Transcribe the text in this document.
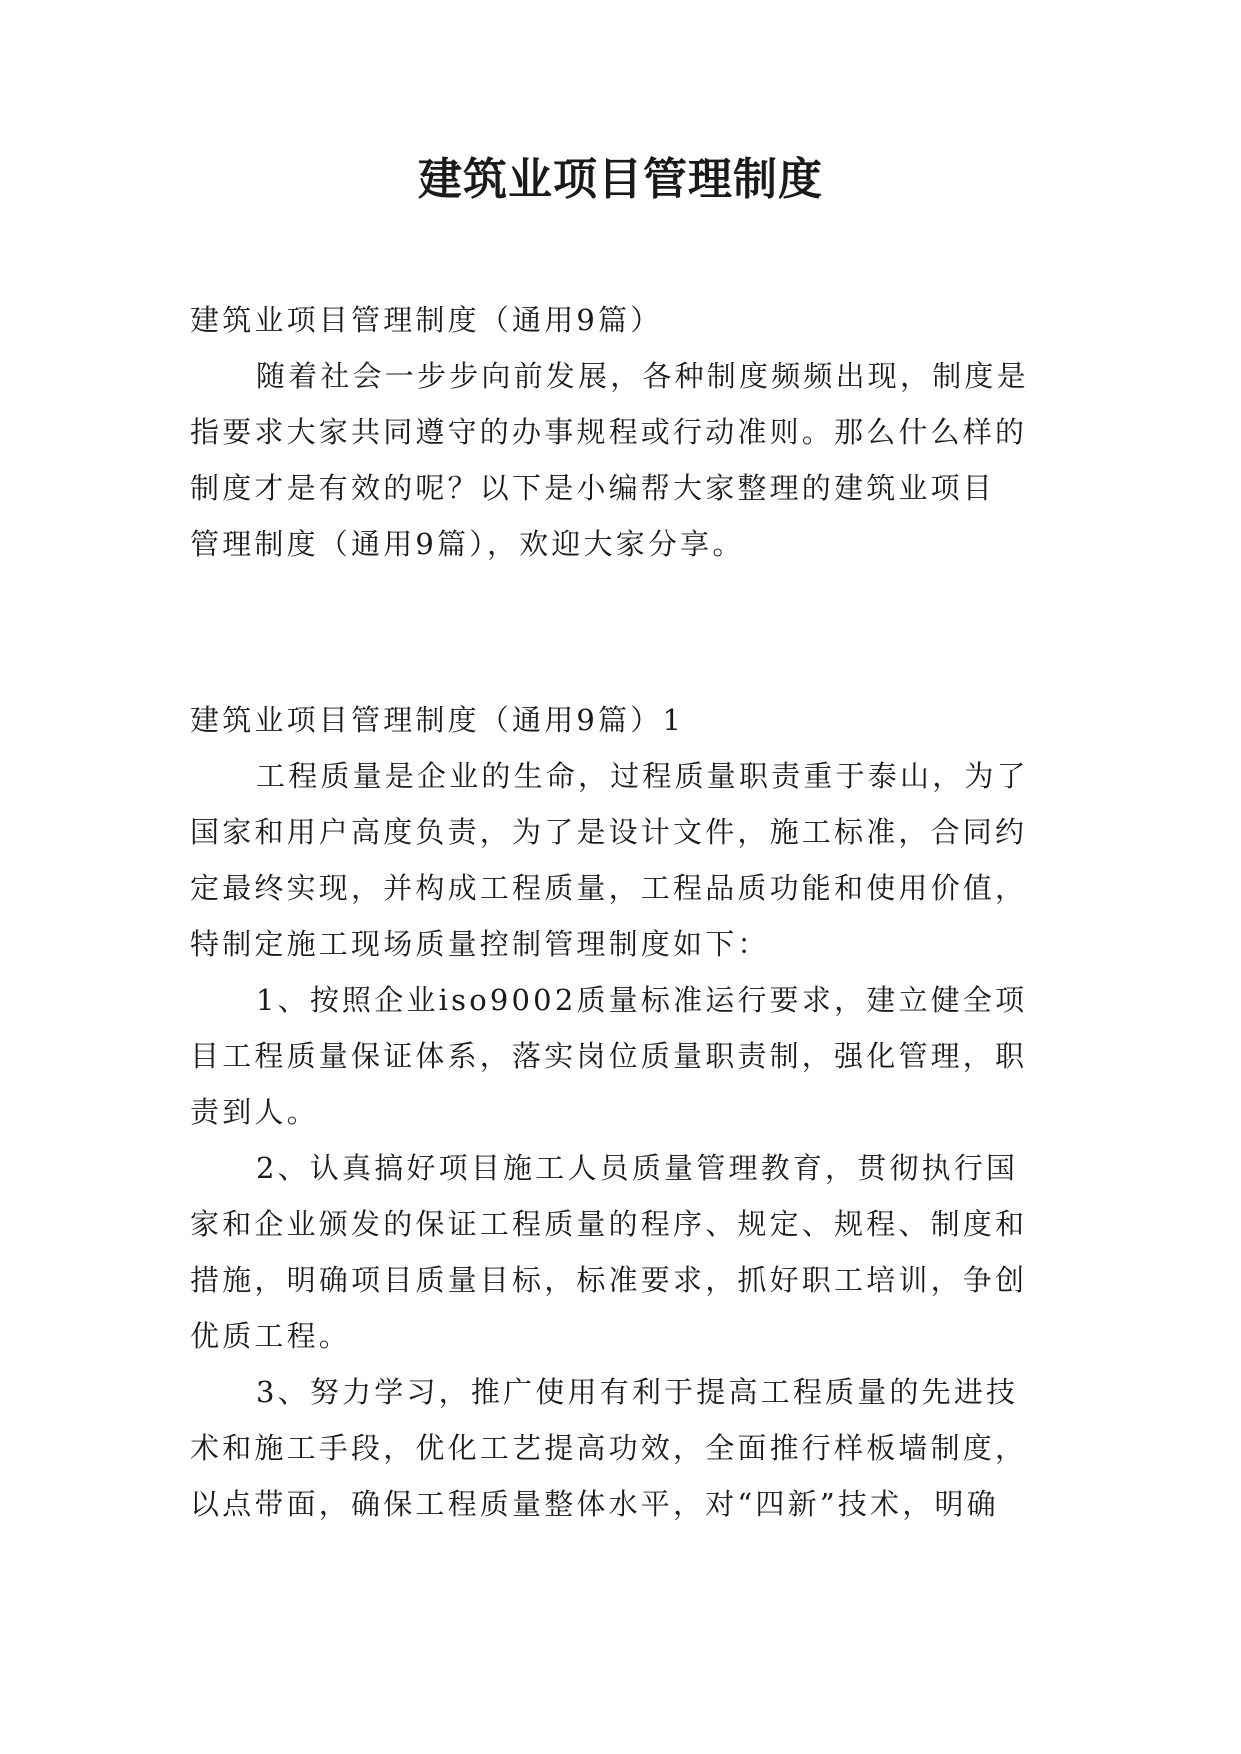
建筑业项目管理制度

建筑业项目管理制度（通用9篇）

随着社会一步步向前发展，各种制度频频出现，制度是

指要求大家共同遵守的办事规程或行动准则。那么什么样的

制度才是有效的呢？以下是小编帮大家整理的建筑业项目

管理制度（通用9篇），欢迎大家分享。

建筑业项目管理制度（通用9篇）1

工程质量是企业的生命，过程质量职责重于泰山，为了

国家和用户高度负责，为了是设计文件，施工标准，合同约

定最终实现，并构成工程质量，工程品质功能和使用价值，

特制定施工现场质量控制管理制度如下：

1、按照企业iso9002质量标准运行要求，建立健全项

目工程质量保证体系，落实岗位质量职责制，强化管理，职

责到人。

2、认真搞好项目施工人员质量管理教育，贯彻执行国

家和企业颁发的保证工程质量的程序、规定、规程、制度和

措施，明确项目质量目标，标准要求，抓好职工培训，争创

优质工程。

3、努力学习，推广使用有利于提高工程质量的先进技

术和施工手段，优化工艺提高功效，全面推行样板墙制度，

以点带面，确保工程质量整体水平，对“四新”技术，明确
